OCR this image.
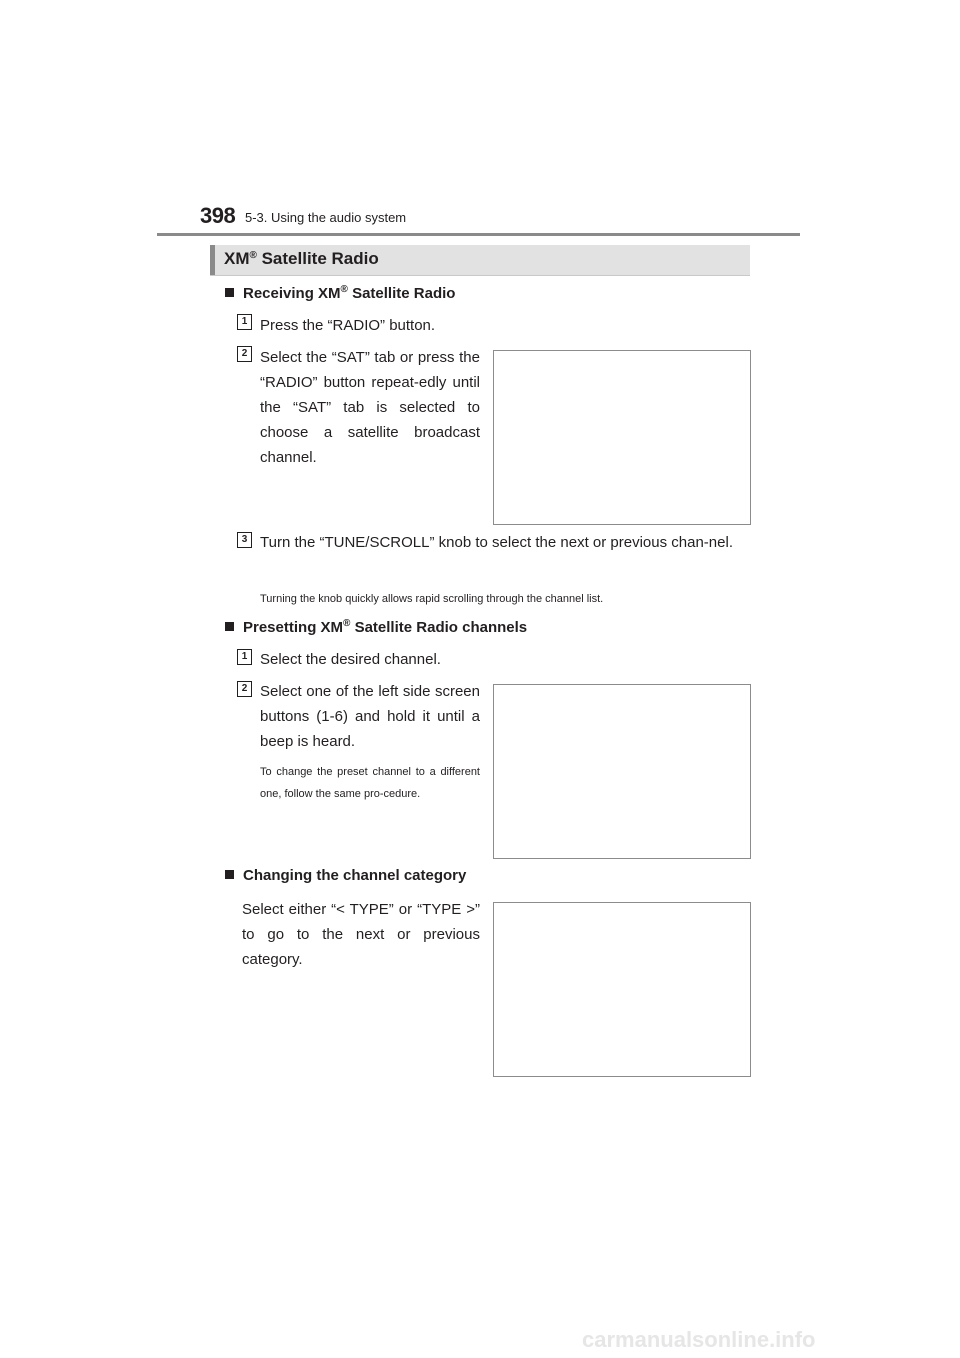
398 5-3. Using the audio system
XM® Satellite Radio
Receiving XM® Satellite Radio
1 Press the “RADIO” button.
2 Select the “SAT” tab or press the “RADIO” button repeat-edly until the “SAT” tab is selected to choose a satellite broadcast channel.
3 Turn the “TUNE/SCROLL” knob to select the next or previous chan-nel.
Turning the knob quickly allows rapid scrolling through the channel list.
Presetting XM® Satellite Radio channels
1 Select the desired channel.
2 Select one of the left side screen buttons (1-6) and hold it until a beep is heard.
To change the preset channel to a different one, follow the same pro-cedure.
Changing the channel category
Select either “< TYPE” or “TYPE >” to go to the next or previous category.
carmanualsonline.info
